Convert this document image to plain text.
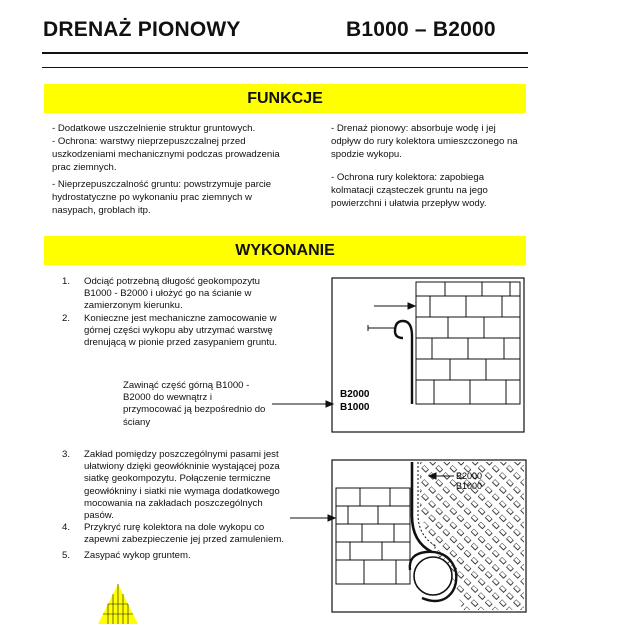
DRENAŻ PIONOWY	B1000 – B2000
FUNKCJE

- Dodatkowe uszczelnienie struktur gruntowych.

- Ochrona: warstwy nieprzepuszczalnej przed uszkodzeniami mechanicznymi podczas prowadzenia prac ziemnych.

- Nieprzepuszczalność gruntu: powstrzymuje parcie hydrostatyczne po wykonaniu prac ziemnych w nasypach, groblach itp.

- Drenaż pionowy: absorbuje wodę i jej odpływ do rury kolektora umieszczonego na spodzie wykopu.

- Ochrona rury kolektora: zapobiega kolmatacji cząsteczek gruntu na jego powierzchni i ułatwia przepływ wody.

WYKONANIE
1. Odciąć potrzebną długość geokompozytu B1000 - B2000 i ułożyć go na ścianie w zamierzonym kierunku.
2. Konieczne jest mechaniczne zamocowanie w górnej części wykopu aby utrzymać warstwę drenującą w pionie przed zasypaniem gruntu.
Zawinąć część górną B1000 - B2000 do wewnątrz i przymocować ją bezpośrednio do ściany
B2000
B1000
3. Zakład pomiędzy poszczególnymi pasami jest ułatwiony dzięki geowłókninie wystającej poza siatkę geokompozytu. Połączenie termiczne geowłókniny i siatki nie wymaga dodatkowego mocowania na zakładach poszczególnych pasów.
4. Przykryć rurę kolektora na dole wykopu co zapewni zabezpieczenie jej przed zamuleniem.
5. Zasypać wykop gruntem.
B2000
B1000
